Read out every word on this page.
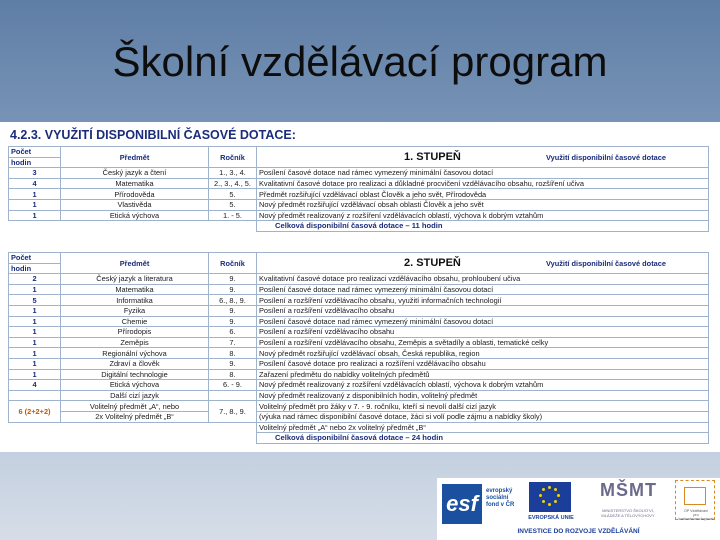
Školní vzdělávací program
4.2.3. VYUŽITÍ DISPONIBILNÍ ČASOVÉ DOTACE:
Počet	Předmět	Ročník	1. STUPEŇ Využití disponibilní časové dotace

hodin			
3	Český jazyk a čtení	1., 3., 4.	Posílení časové dotace nad rámec vymezený minimální časovou dotací
4	Matematika	2., 3., 4., 5.	Kvalitativní časové dotace pro realizaci a důkladné procvičení vzdělávacího obsahu, rozšíření učiva
1	Přírodověda	5.	Předmět rozšiřující vzdělávací oblast Člověk a jeho svět, Přírodověda
1	Vlastivěda	5.	Nový předmět rozšiřující vzdělávací obsah oblasti Člověk a jeho svět
1	Etická výchova	1. - 5.	Nový předmět realizovaný z rozšíření vzdělávacích oblastí, výchova k dobrým vztahům
			Celková disponibilní časová dotace – 11 hodin
Počet	Předmět	Ročník	2. STUPEŇ Využití disponibilní časové dotace

hodin			
2	Český jazyk a literatura	9.	Kvalitativní časové dotace pro realizaci vzdělávacího obsahu, prohloubení učiva
1	Matematika	9.	Posílení časové dotace nad rámec vymezený minimální časovou dotací
5	Informatika	6., 8., 9.	Posílení a rozšíření vzdělávacího obsahu, využití informačních technologií
1	Fyzika	9.	Posílení a rozšíření vzdělávacího obsahu
1	Chemie	9.	Posílení časové dotace nad rámec vymezený minimální časovou dotací
1	Přírodopis	6.	Posílení a rozšíření vzdělávacího obsahu
1	Zeměpis	7.	Posílení a rozšíření vzdělávacího obsahu, Zeměpis a světadíly a oblasti, tematické celky
1	Regionální výchova	8.	Nový předmět rozšiřující vzdělávací obsah, Česká republika, region
1	Zdraví a člověk	9.	Posílení časové dotace pro realizaci a rozšíření vzdělávacího obsahu
1	Digitální technologie	8.	Zařazení předmětu do nabídky volitelných předmětů
4	Etická výchova	6. - 9.	Nový předmět realizovaný z rozšíření vzdělávacích oblastí, výchova k dobrým vztahům
	Další cizí jazyk		Nový předmět realizovaný z disponibilních hodin, volitelný předmět
6 (2+2+2)	Volitelný předmět „A“, nebo	7., 8., 9.	Volitelný předmět pro žáky v 7. - 9. ročníku, kteří si nevolí další cizí jazyk
	2x Volitelný předmět „B“		(výuka nad rámec disponibilní časové dotace, žáci si volí podle zájmu a nabídky školy)
			Volitelný předmět „A“ nebo 2x volitelný předmět „B“
			Celková disponibilní časová dotace – 24 hodin
esf	evropský
sociální
fond v ČR
EVROPSKÁ UNIE
MŠMT
MINISTERSTVO ŠKOLSTVÍ,
MLÁDEŽE A TĚLOVÝCHOVY
OP Vzdělávání
pro konkurenceschopnost
INVESTICE DO ROZVOJE VZDĚLÁVÁNÍ
